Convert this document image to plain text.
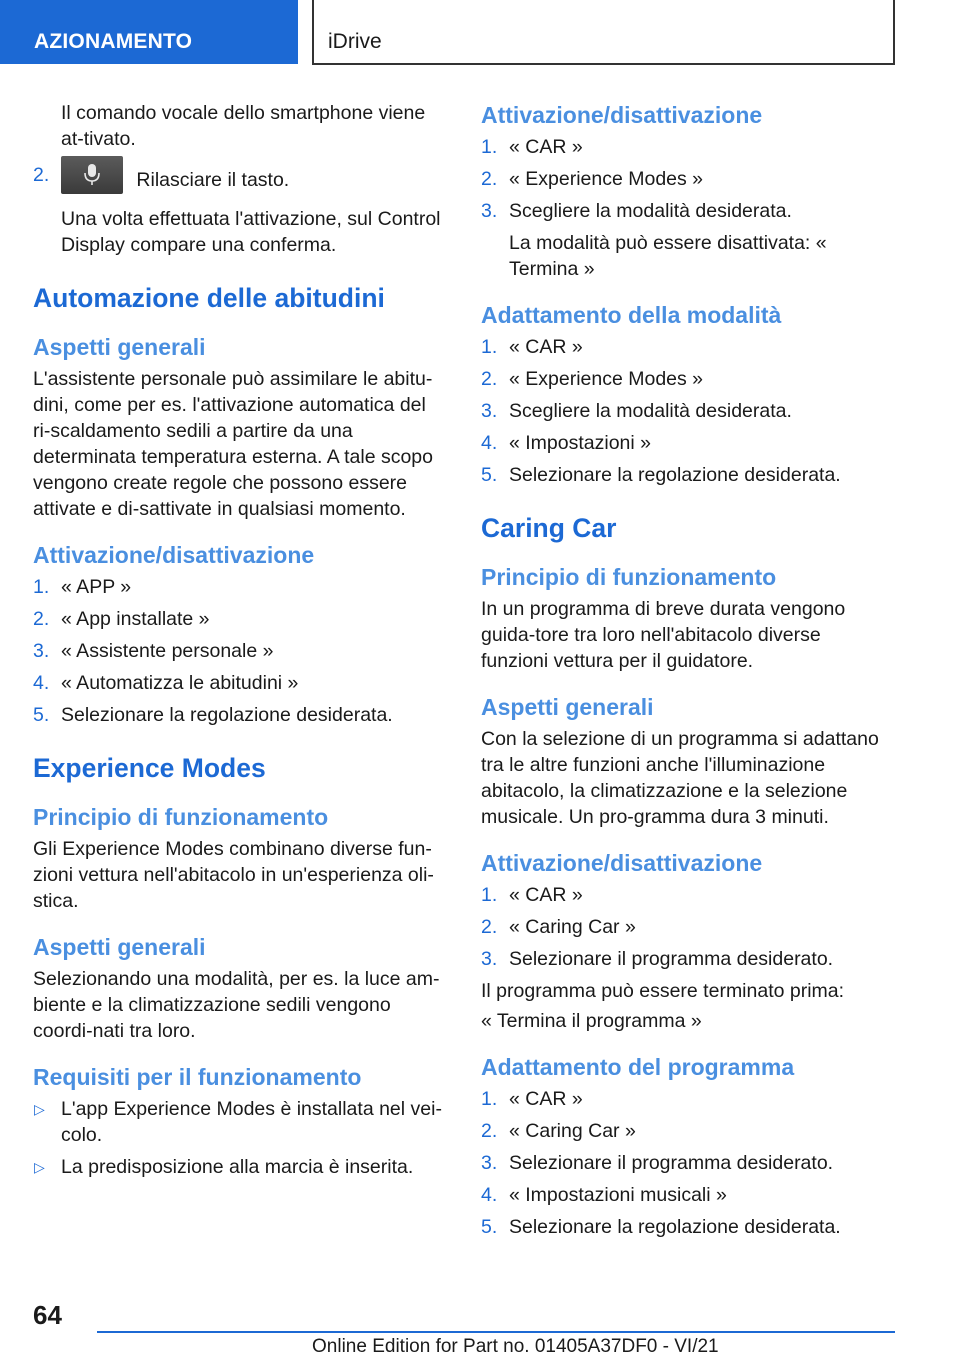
AZIONAMENTO	iDrive

Il comando vocale dello smartphone viene at-tivato.

2.	Rilasciare il tasto.
Una volta effettuata l'attivazione, sul Control Display compare una conferma.
Automazione delle abitudini
Aspetti generali

L'assistente personale può assimilare le abitu-dini, come per es. l'attivazione automatica del ri-scaldamento sedili a partire da una determinata temperatura esterna. A tale scopo vengono create regole che possono essere attivate e di-sattivate in qualsiasi momento.

Attivazione/disattivazione
1. « APP »
2. « App installate »
3. « Assistente personale »
4. « Automatizza le abitudini »
5. Selezionare la regolazione desiderata.
Experience Modes
Principio di funzionamento

Gli Experience Modes combinano diverse fun-zioni vettura nell'abitacolo in un'esperienza oli-stica.

Aspetti generali

Selezionando una modalità, per es. la luce am-biente e la climatizzazione sedili vengono coordi-nati tra loro.

Requisiti per il funzionamento
▷ L'app Experience Modes è installata nel vei-colo.
▷ La predisposizione alla marcia è inserita.
Attivazione/disattivazione
1. « CAR »
2. « Experience Modes »
3. Scegliere la modalità desiderata.
La modalità può essere disattivata: « Termina »
Adattamento della modalità
1. « CAR »
2. « Experience Modes »
3. Scegliere la modalità desiderata.
4. « Impostazioni »
5. Selezionare la regolazione desiderata.
Caring Car
Principio di funzionamento

In un programma di breve durata vengono guida-tore tra loro nell'abitacolo diverse funzioni vettura per il guidatore.

Aspetti generali

Con la selezione di un programma si adattano tra le altre funzioni anche l'illuminazione abitacolo, la climatizzazione e la selezione musicale. Un pro-gramma dura 3 minuti.

Attivazione/disattivazione
1. « CAR »
2. « Caring Car »
3. Selezionare il programma desiderato.

Il programma può essere terminato prima:

« Termina il programma »

Adattamento del programma
1. « CAR »
2. « Caring Car »
3. Selezionare il programma desiderato.
4. « Impostazioni musicali »
5. Selezionare la regolazione desiderata.
64
Online Edition for Part no. 01405A37DF0 - VI/21
